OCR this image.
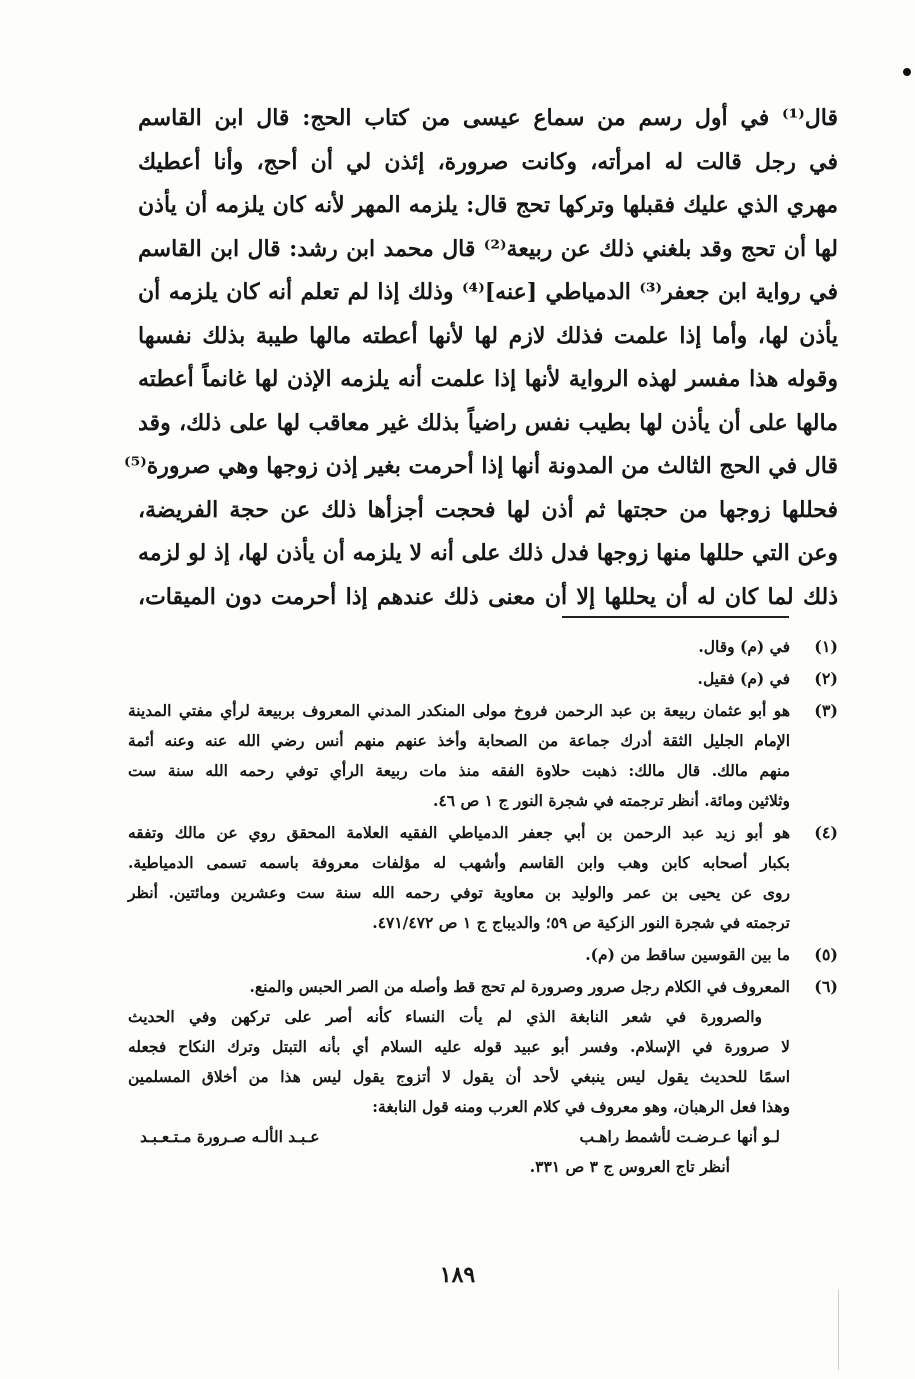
قال⁽¹⁾ في أول رسم من سماع عيسى من كتاب الحج: قال ابن القاسم
في رجل قالت له امرأته، وكانت صرورة، إئذن لي أن أحج، وأنا أعطيك
مهري الذي عليك فقبلها وتركها تحج قال: يلزمه المهر لأنه كان يلزمه أن يأذن
لها أن تحج وقد بلغني ذلك عن ربيعة⁽²⁾ قال محمد ابن رشد: قال ابن القاسم
في رواية ابن جعفر⁽³⁾ الدمياطي [عنه]⁽⁴⁾ وذلك إذا لم تعلم أنه كان يلزمه أن
يأذن لها، وأما إذا علمت فذلك لازم لها لأنها أعطته مالها طيبة بذلك نفسها
وقوله هذا مفسر لهذه الرواية لأنها إذا علمت أنه يلزمه الإذن لها غانماً أعطته
مالها على أن يأذن لها بطيب نفس راضياً بذلك غير معاقب لها على ذلك، وقد
قال في الحج الثالث من المدونة أنها إذا أحرمت بغير إذن زوجها وهي صرورة⁽⁵⁾
فحللها زوجها من حجتها ثم أذن لها فحجت أجزأها ذلك عن حجة الفريضة،
وعن التي حللها منها زوجها فدل ذلك على أنه لا يلزمه أن يأذن لها، إذ لو لزمه
ذلك لما كان له أن يحللها إلا أن معنى ذلك عندهم إذا أحرمت دون الميقات،
(١)
في (م) وقال.
(٢)
في (م) فقيل.
(٣)
هو أبو عثمان ربيعة بن عبد الرحمن فروخ مولى المنكدر المدني المعروف بربيعة لرأي مفتي المدينة
الإمام الجليل الثقة أدرك جماعة من الصحابة وأخذ عنهم منهم أنس رضي الله عنه وعنه أئمة
منهم مالك. قال مالك: ذهبت حلاوة الفقه منذ مات ربيعة الرأي توفي رحمه الله سنة ست
وثلاثين ومائة. أنظر ترجمته في شجرة النور ج ١ ص ٤٦.
(٤)
هو أبو زيد عبد الرحمن بن أبي جعفر الدمياطي الفقيه العلامة المحقق روي عن مالك وتفقه
بكبار أصحابه كابن وهب وابن القاسم وأشهب له مؤلفات معروفة باسمه تسمى الدمياطية.
روى عن يحيى بن عمر والوليد بن معاوية توفي رحمه الله سنة ست وعشرين ومائتين. أنظر
ترجمته في شجرة النور الزكية ص ٥٩؛ والديباج ج ١ ص ٤٧١/٤٧٢.
(٥)
ما بين القوسين ساقط من (م).
(٦)
المعروف في الكلام رجل صرور وصرورة لم تحج قط وأصله من الصر الحبس والمنع.
والصرورة في شعر النابغة الذي لم يأت النساء كأنه أصر على تركهن وفي الحديث
لا صرورة في الإسلام. وفسر أبو عبيد قوله عليه السلام أي بأنه التبتل وترك النكاح فجعله
اسمًا للحديث يقول ليس ينبغي لأحد أن يقول لا أتزوج يقول ليس هذا من أخلاق المسلمين
وهذا فعل الرهبان، وهو معروف في كلام العرب ومنه قول النابغة:
لـو أنها عـرضـت لأشمط راهـب
عـبـد الألـه صـرورة مـتـعـبـد
أنظر تاج العروس ج ٣ ص ٣٣١.
١٨٩
